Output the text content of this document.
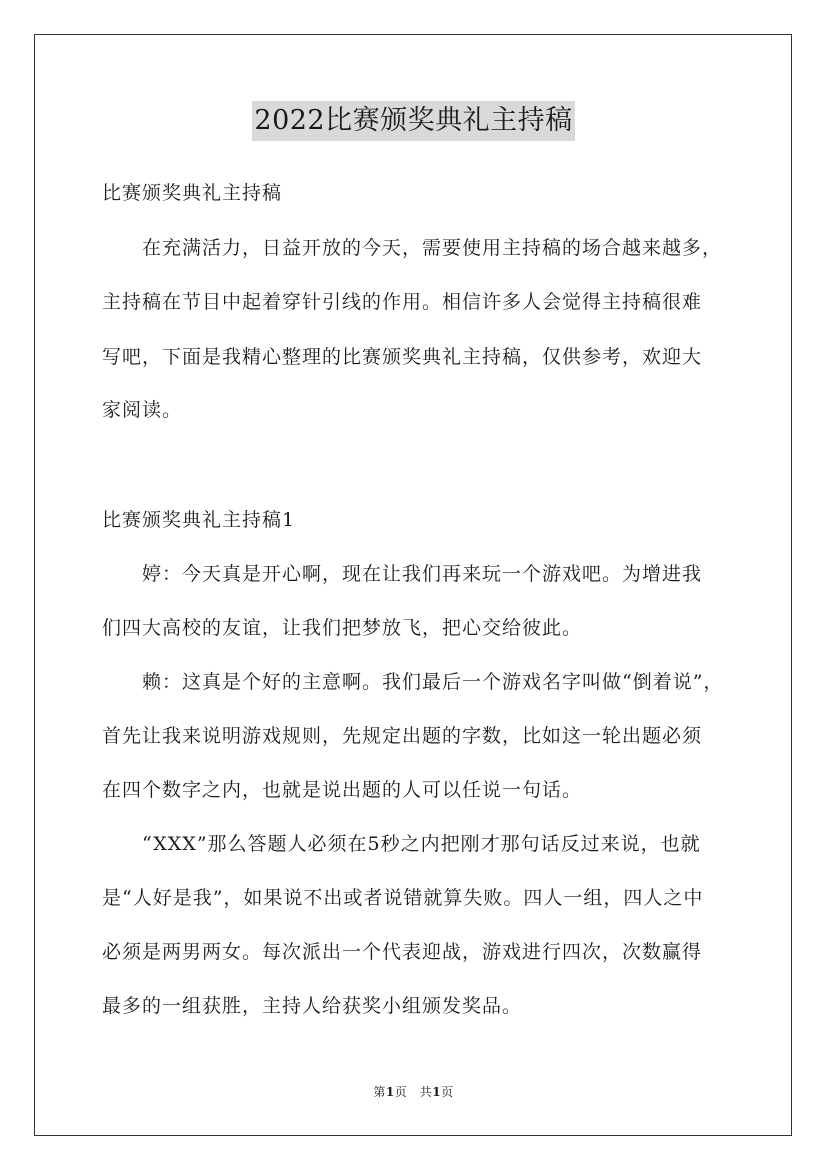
2022比赛颁奖典礼主持稿
比赛颁奖典礼主持稿
　　在充满活力，日益开放的今天，需要使用主持稿的场合越来越多，
主持稿在节目中起着穿针引线的作用。相信许多人会觉得主持稿很难
写吧，下面是我精心整理的比赛颁奖典礼主持稿，仅供参考，欢迎大
家阅读。
比赛颁奖典礼主持稿1
　　婷：今天真是开心啊，现在让我们再来玩一个游戏吧。为增进我
们四大高校的友谊，让我们把梦放飞，把心交给彼此。
　　赖：这真是个好的主意啊。我们最后一个游戏名字叫做“倒着说”，
首先让我来说明游戏规则，先规定出题的字数，比如这一轮出题必须
在四个数字之内，也就是说出题的人可以任说一句话。
　　“XXX”那么答题人必须在5秒之内把刚才那句话反过来说，也就
是“人好是我”，如果说不出或者说错就算失败。四人一组，四人之中
必须是两男两女。每次派出一个代表迎战，游戏进行四次，次数赢得
最多的一组获胜，主持人给获奖小组颁发奖品。
第1页　共1页
